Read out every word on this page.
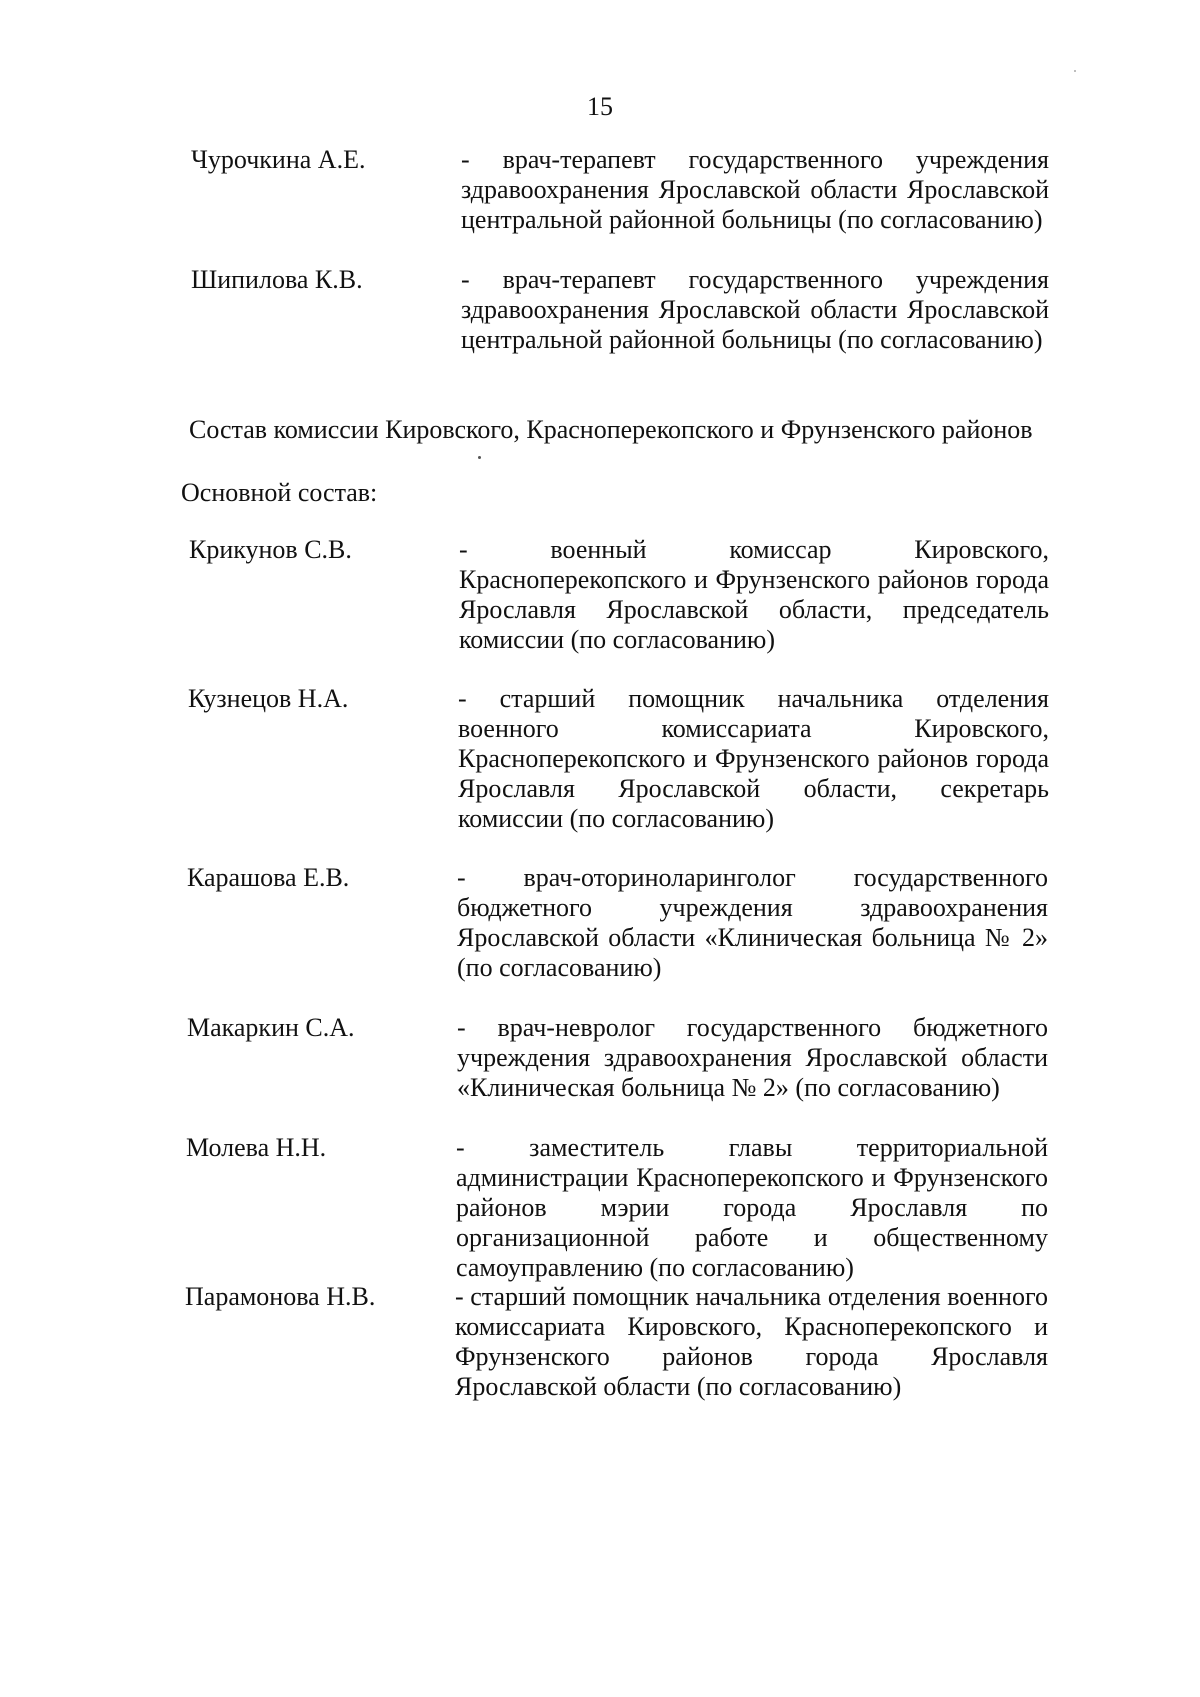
15
Чурочкина А.Е.	- врач-терапевт государственного учреждения здравоохранения Ярославской области Ярославской центральной районной больницы (по согласованию)

Шипилова К.В.	- врач-терапевт государственного учреждения здравоохранения Ярославской области Ярославской центральной районной больницы (по согласованию)

Состав комиссии Кировского, Красноперекопского и Фрунзенского районов
Основной состав:
Крикунов С.В.	- военный комиссар Кировского, Красноперекопского и Фрунзенского районов города Ярославля Ярославской области, председатель комиссии (по согласованию)

Кузнецов Н.А.	- старший помощник начальника отделения военного комиссариата Кировского, Красноперекопского и Фрунзенского районов города Ярославля Ярославской области, секретарь комиссии (по согласованию)

Карашова Е.В.	- врач-оториноларинголог государственного бюджетного учреждения здравоохранения Ярославской области «Клиническая больница № 2» (по согласованию)

Макаркин С.А.	- врач-невролог государственного бюджетного учреждения здравоохранения Ярославской области «Клиническая больница № 2» (по согласованию)

Молева Н.Н.	- заместитель главы территориальной администрации Красноперекопского и Фрунзенского районов мэрии города Ярославля по организационной работе и общественному самоуправлению (по согласованию)

Парамонова Н.В.	- старший помощник начальника отделения военного комиссариата Кировского, Красноперекопского и Фрунзенского районов города Ярославля Ярославской области (по согласованию)
